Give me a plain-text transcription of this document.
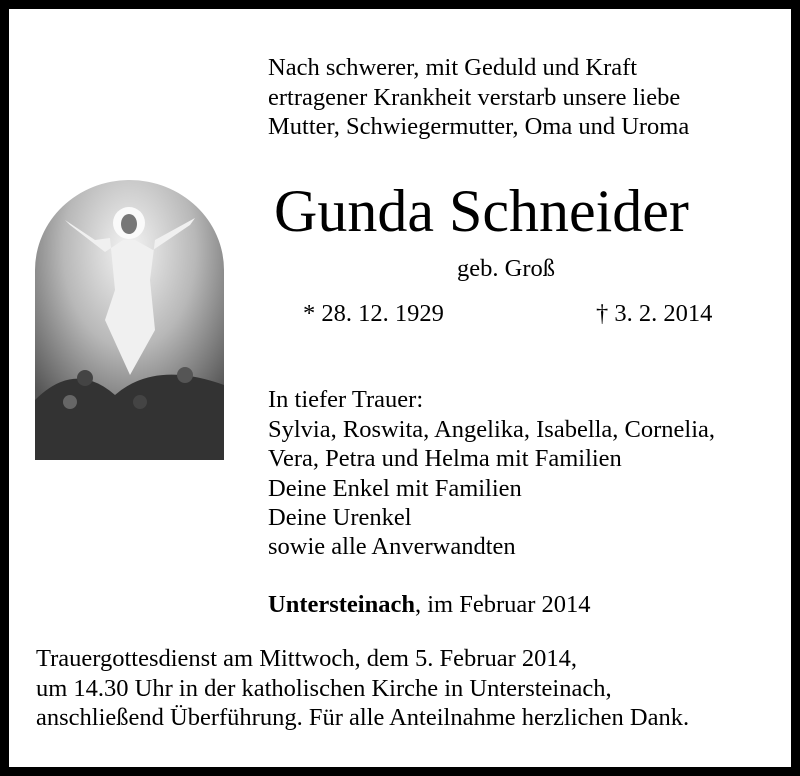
Nach schwerer, mit Geduld und Kraft
ertragener Krankheit verstarb unsere liebe
Mutter, Schwiegermutter, Oma und Uroma
Gunda Schneider
geb. Groß
* 28. 12. 1929	† 3. 2. 2014
In tiefer Trauer:
Sylvia, Roswita, Angelika, Isabella, Cornelia,
Vera, Petra und Helma mit Familien
Deine Enkel mit Familien
Deine Urenkel
sowie alle Anverwandten
Untersteinach, im Februar 2014
Trauergottesdienst am Mittwoch, dem 5. Februar 2014,
um 14.30 Uhr in der katholischen Kirche in Untersteinach,
anschließend Überführung. Für alle Anteilnahme herzlichen Dank.
